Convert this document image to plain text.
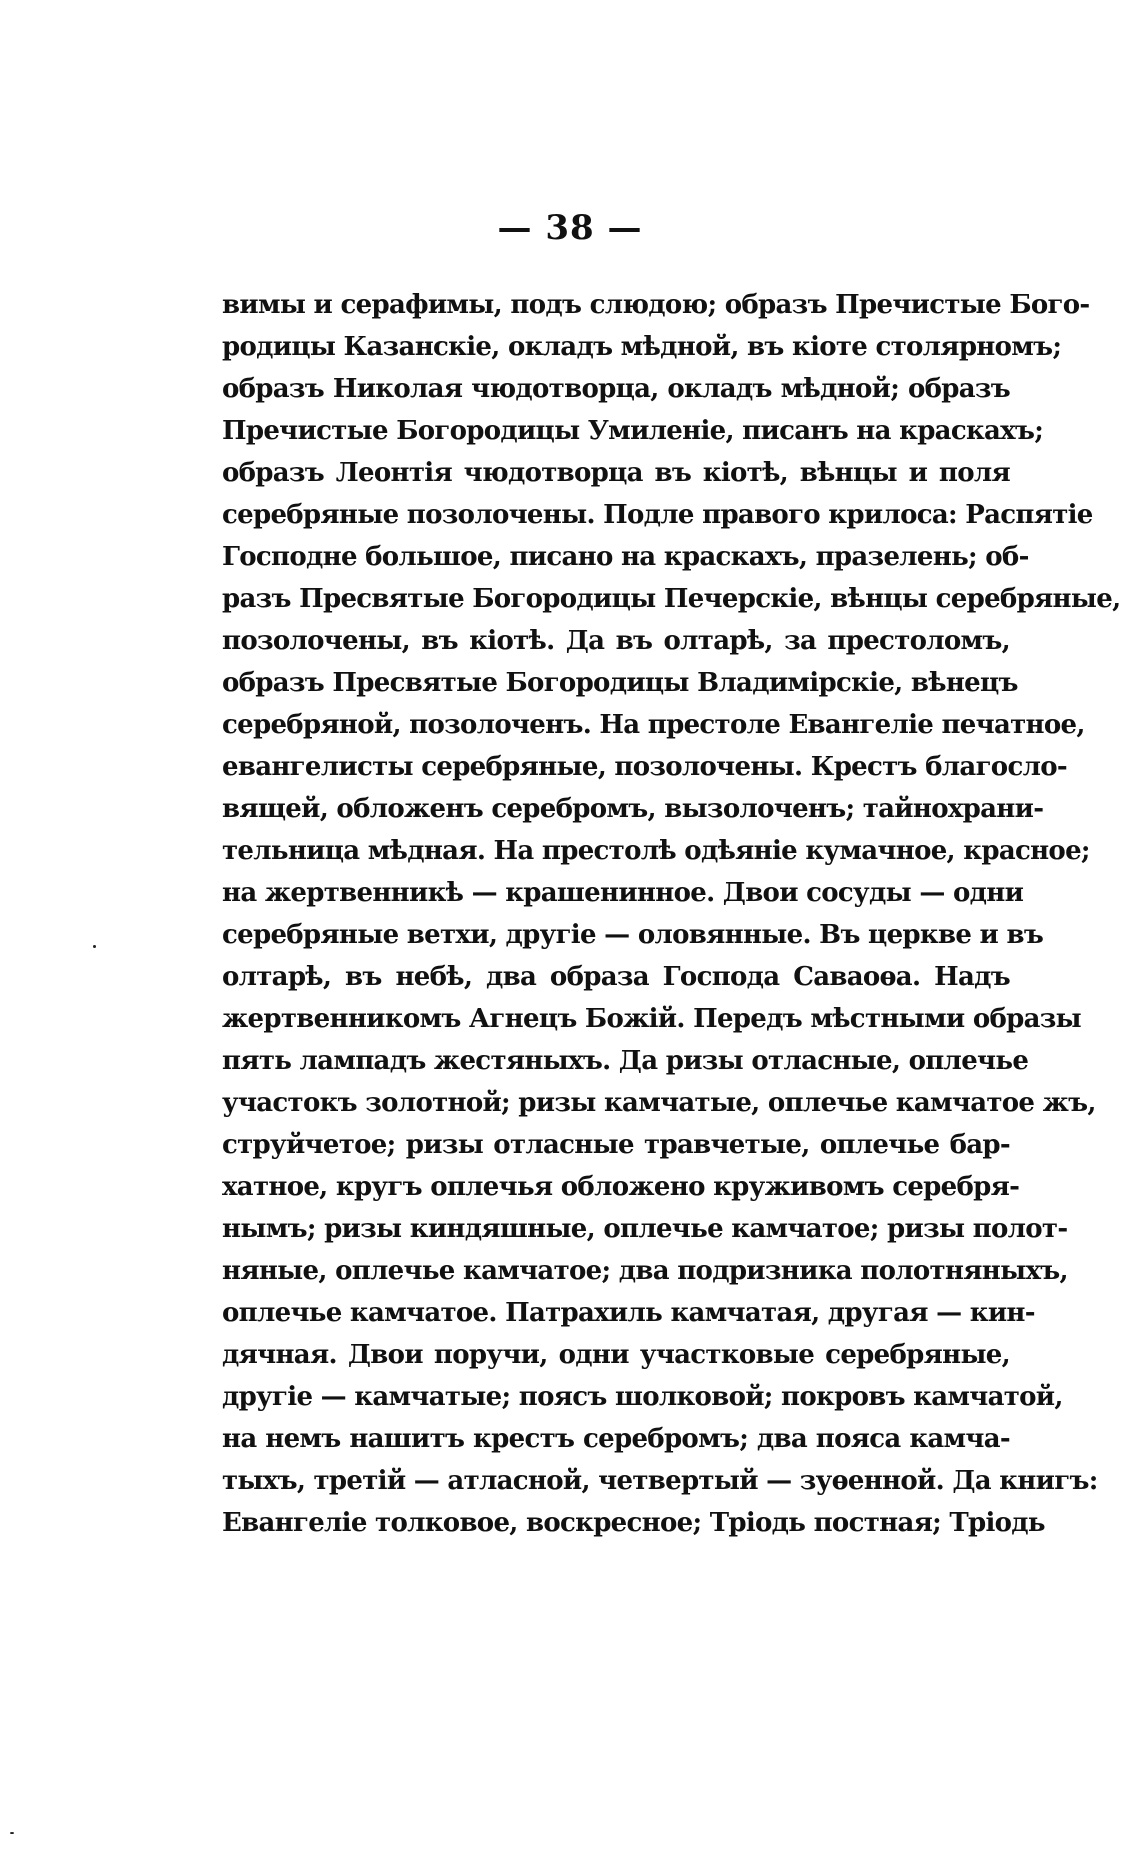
— 38 —
вимы и серафимы, подъ слюдою; образъ Пречистые Бого-
родицы Казанскіе, окладъ мѣдной, въ кіоте столярномъ;
образъ Николая чюдотворца, окладъ мѣдной; образъ
Пречистые Богородицы Умиленіе, писанъ на краскахъ;
образъ Леонтія чюдотворца въ кіотѣ, вѣнцы и поля
серебряные позолочены. Подле правого крилоса: Распятіе
Господне большое, писано на краскахъ, празелень; об-
разъ Пресвятые Богородицы Печерскіе, вѣнцы серебряные,
позолочены, въ кіотѣ. Да въ олтарѣ, за престоломъ,
образъ Пресвятые Богородицы Владимірскіе, вѣнецъ
серебряной, позолоченъ. На престоле Евангеліе печатное,
евангелисты серебряные, позолочены. Крестъ благосло-
вящей, обложенъ серебромъ, вызолоченъ; тайнохрани-
тельница мѣдная. На престолѣ одѣяніе кумачное, красное;
на жертвенникѣ — крашенинное. Двои сосуды — одни
серебряные ветхи, другіе — оловянные. Въ церкве и въ
олтарѣ, въ небѣ, два образа Господа Саваоѳа. Надъ
жертвенникомъ Агнецъ Божій. Передъ мѣстными образы
пять лампадъ жестяныхъ. Да ризы отласные, оплечье
участокъ золотной; ризы камчатые, оплечье камчатое жъ,
струйчетое; ризы отласные травчетые, оплечье бар-
хатное, кругъ оплечья обложено круживомъ серебря-
нымъ; ризы киндяшные, оплечье камчатое; ризы полот-
няные, оплечье камчатое; два подризника полотняныхъ,
оплечье камчатое. Патрахиль камчатая, другая — кин-
дячная. Двои поручи, одни участковые серебряные,
другіе — камчатые; поясъ шолковой; покровъ камчатой,
на немъ нашитъ крестъ серебромъ; два пояса камча-
тыхъ, третій — атласной, четвертый — зуѳенной. Да книгъ:
Евангеліе толковое, воскресное; Тріодь постная; Тріодь
